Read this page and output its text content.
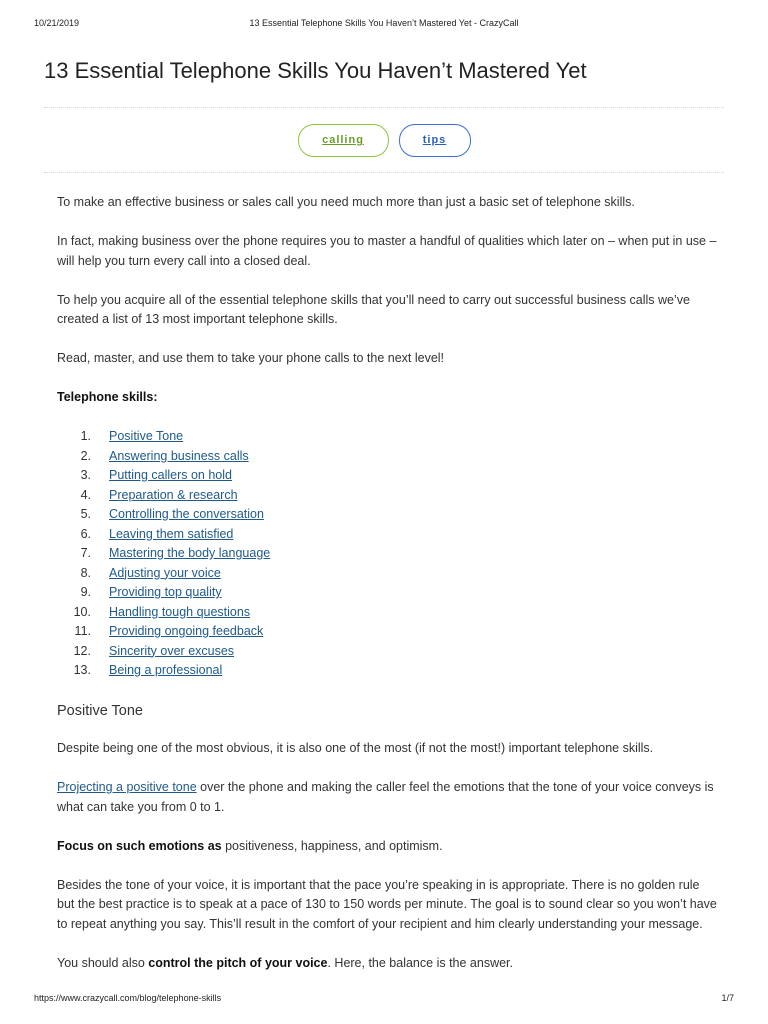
10/21/2019	13 Essential Telephone Skills You Haven’t Mastered Yet - CrazyCall
13 Essential Telephone Skills You Haven’t Mastered Yet
calling	tips

To make an effective business or sales call you need much more than just a basic set of telephone skills.

In fact, making business over the phone requires you to master a handful of qualities which later on – when put in use – will help you turn every call into a closed deal.

To help you acquire all of the essential telephone skills that you’ll need to carry out successful business calls we’ve created a list of 13 most important telephone skills.

Read, master, and use them to take your phone calls to the next level!

Telephone skills:

1. Positive Tone
2. Answering business calls
3. Putting callers on hold
4. Preparation & research
5. Controlling the conversation
6. Leaving them satisfied
7. Mastering the body language
8. Adjusting your voice
9. Providing top quality
10. Handling tough questions
11. Providing ongoing feedback
12. Sincerity over excuses
13. Being a professional
Positive Tone

Despite being one of the most obvious, it is also one of the most (if not the most!) important telephone skills.

Projecting a positive tone over the phone and making the caller feel the emotions that the tone of your voice conveys is what can take you from 0 to 1.

Focus on such emotions as positiveness, happiness, and optimism.

Besides the tone of your voice, it is important that the pace you’re speaking in is appropriate. There is no golden rule but the best practice is to speak at a pace of 130 to 150 words per minute. The goal is to sound clear so you won’t have to repeat anything you say. This’ll result in the comfort of your recipient and him clearly understanding your message.

You should also control the pitch of your voice. Here, the balance is the answer.

https://www.crazycall.com/blog/telephone-skills	1/7
